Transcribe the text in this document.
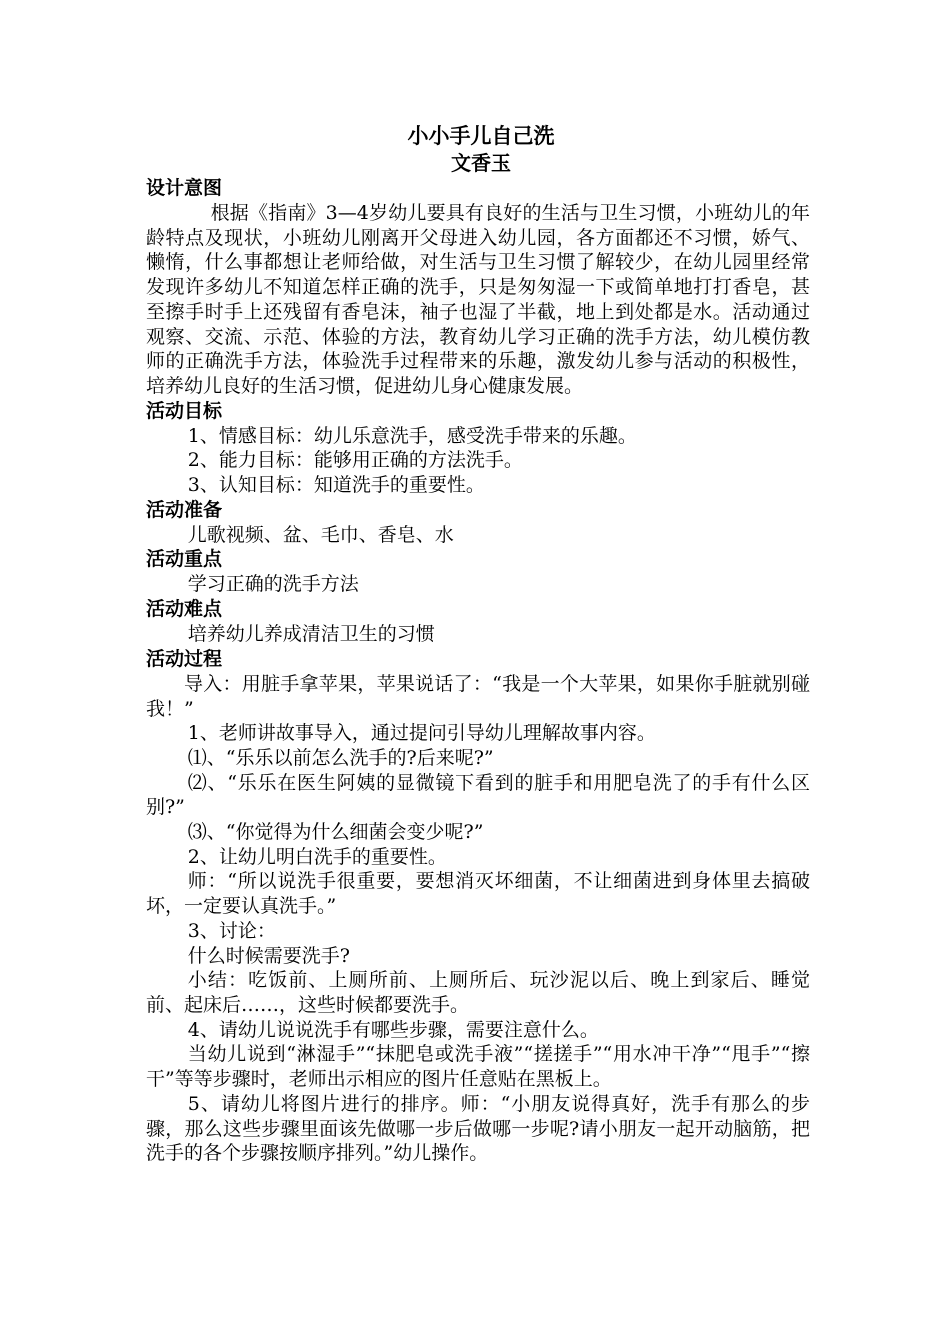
小小手儿自己洗

文香玉

设计意图

根据《指南》3—4岁幼儿要具有良好的生活与卫生习惯，小班幼儿的年龄特点及现状，小班幼儿刚离开父母进入幼儿园，各方面都还不习惯，娇气、懒惰，什么事都想让老师给做，对生活与卫生习惯了解较少，在幼儿园里经常发现许多幼儿不知道怎样正确的洗手，只是匆匆湿一下或简单地打打香皂，甚至擦手时手上还残留有香皂沫，袖子也湿了半截，地上到处都是水。活动通过观察、交流、示范、体验的方法，教育幼儿学习正确的洗手方法，幼儿模仿教师的正确洗手方法，体验洗手过程带来的乐趣，激发幼儿参与活动的积极性，培养幼儿良好的生活习惯，促进幼儿身心健康发展。

活动目标

1、情感目标：幼儿乐意洗手，感受洗手带来的乐趣。

2、能力目标：能够用正确的方法洗手。

3、认知目标：知道洗手的重要性。

活动准备

儿歌视频、盆、毛巾、香皂、水

活动重点

学习正确的洗手方法

活动难点

培养幼儿养成清洁卫生的习惯

活动过程

导入：用脏手拿苹果，苹果说话了：“我是一个大苹果，如果你手脏就别碰我！”

1、老师讲故事导入，通过提问引导幼儿理解故事内容。

⑴、“乐乐以前怎么洗手的?后来呢?”

⑵、“乐乐在医生阿姨的显微镜下看到的脏手和用肥皂洗了的手有什么区别?”

⑶、“你觉得为什么细菌会变少呢?”

2、让幼儿明白洗手的重要性。

师：“所以说洗手很重要，要想消灭坏细菌，不让细菌进到身体里去搞破坏，一定要认真洗手。”

3、讨论：

什么时候需要洗手?

小结：吃饭前、上厕所前、上厕所后、玩沙泥以后、晚上到家后、睡觉前、起床后……，这些时候都要洗手。

4、请幼儿说说洗手有哪些步骤，需要注意什么。

当幼儿说到“淋湿手”“抹肥皂或洗手液”“搓搓手”“用水冲干净”“甩手”“擦干”等等步骤时，老师出示相应的图片任意贴在黑板上。

5、请幼儿将图片进行的排序。师：“小朋友说得真好，洗手有那么的步骤，那么这些步骤里面该先做哪一步后做哪一步呢?请小朋友一起开动脑筋，把洗手的各个步骤按顺序排列。”幼儿操作。
